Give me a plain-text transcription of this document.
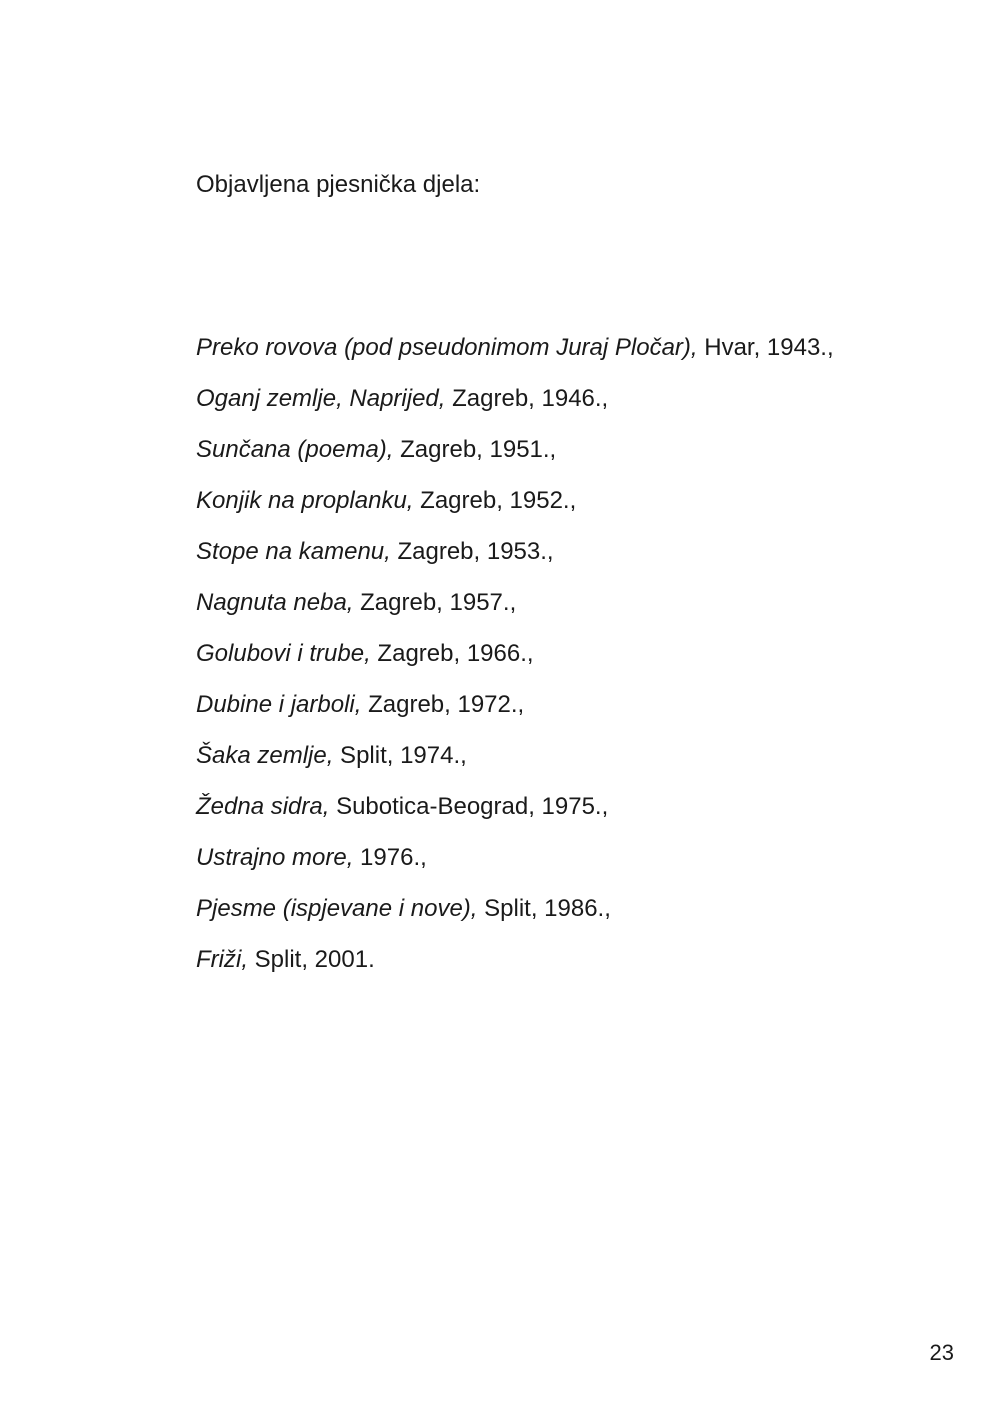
Objavljena pjesnička djela:
Preko rovova (pod pseudonimom Juraj Pločar), Hvar, 1943.,
Oganj zemlje, Naprijed, Zagreb, 1946.,
Sunčana (poema), Zagreb, 1951.,
Konjik na proplanku, Zagreb, 1952.,
Stope na kamenu, Zagreb, 1953.,
Nagnuta neba, Zagreb, 1957.,
Golubovi i trube, Zagreb, 1966.,
Dubine i jarboli, Zagreb, 1972.,
Šaka zemlje, Split, 1974.,
Žedna sidra, Subotica-Beograd, 1975.,
Ustrajno more, 1976.,
Pjesme (ispjevane i nove), Split, 1986.,
Friži, Split, 2001.
23
